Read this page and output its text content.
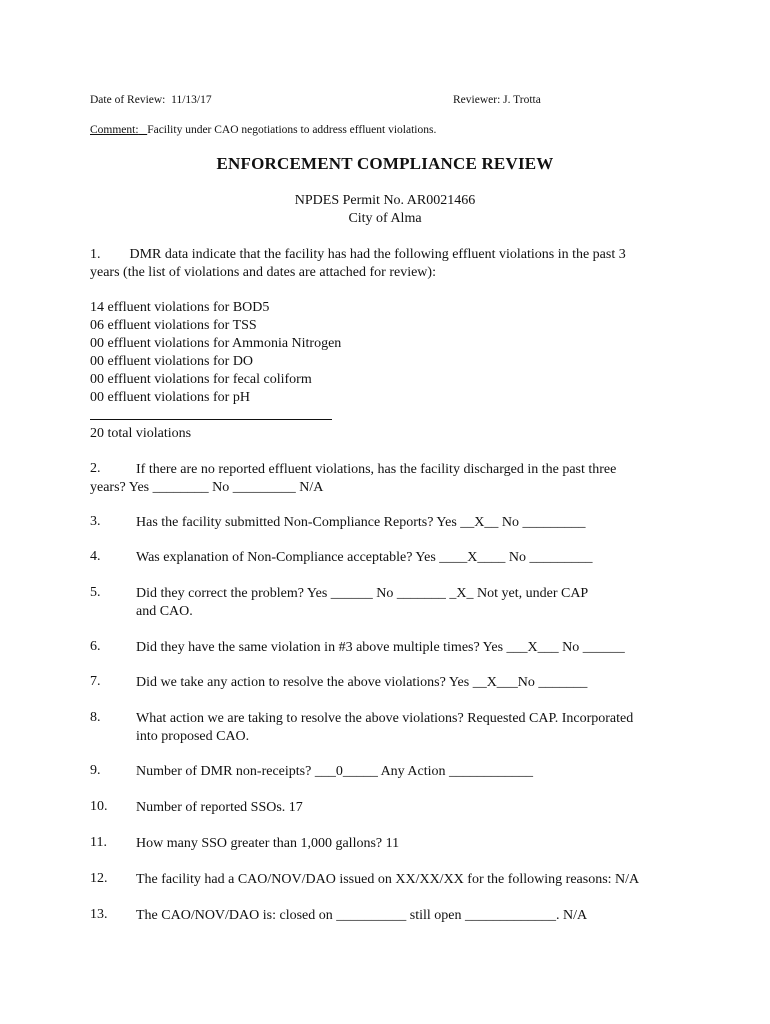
Date of Review: 11/13/17	Reviewer: J. Trotta
Comment: Facility under CAO negotiations to address effluent violations.
ENFORCEMENT COMPLIANCE REVIEW
NPDES Permit No. AR0021466
City of Alma
1. DMR data indicate that the facility has had the following effluent violations in the past 3
years (the list of violations and dates are attached for review):
14 effluent violations for BOD5
06 effluent violations for TSS
00 effluent violations for Ammonia Nitrogen
00 effluent violations for DO
00 effluent violations for fecal coliform
00 effluent violations for pH
20 total violations
2.	If there are no reported effluent violations, has the facility discharged in the past three
years? Yes ________ No _________ N/A
3.	Has the facility submitted Non-Compliance Reports? Yes __X__ No _________
4.	Was explanation of Non-Compliance acceptable? Yes ____X____ No _________
5.	Did they correct the problem? Yes ______ No _______ _X_ Not yet, under CAP
and CAO.
6.	Did they have the same violation in #3 above multiple times? Yes ___X___ No ______
7.	Did we take any action to resolve the above violations? Yes __X___No _______
8.	What action we are taking to resolve the above violations? Requested CAP. Incorporated
into proposed CAO.
9.	Number of DMR non-receipts? ___0_____ Any Action ____________
10. Number of reported SSOs. 17
11. How many SSO greater than 1,000 gallons? 11
12. The facility had a CAO/NOV/DAO issued on XX/XX/XX for the following reasons: N/A
13. The CAO/NOV/DAO is: closed on __________ still open _____________. N/A
